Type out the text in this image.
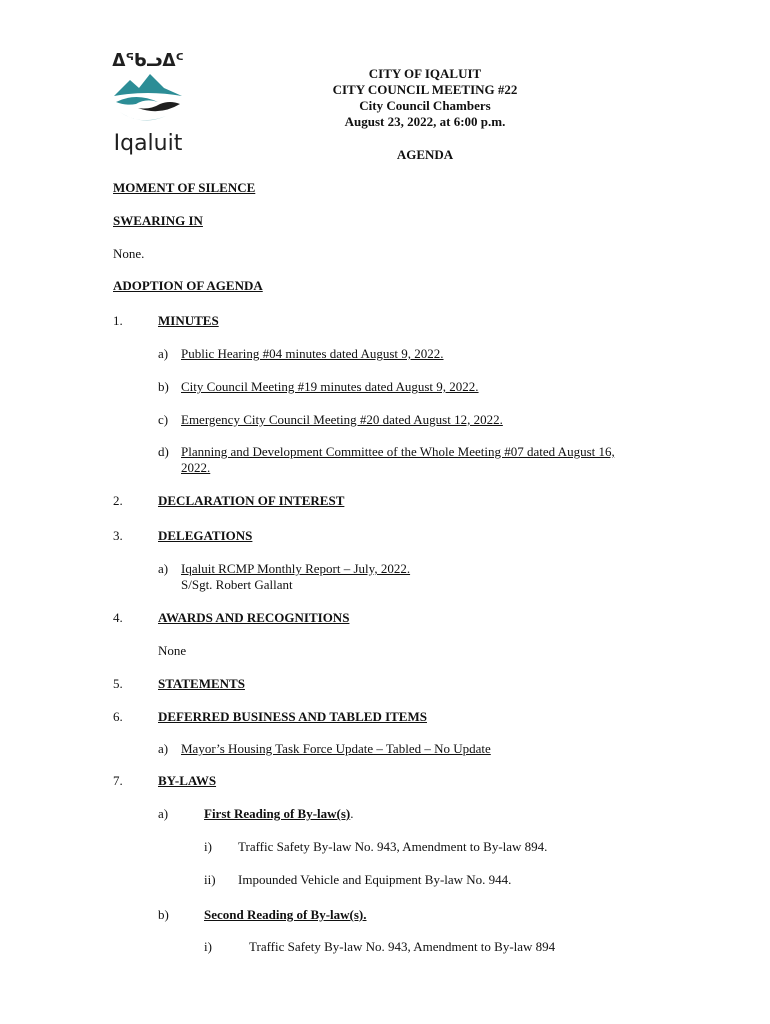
ᐃᖃᓗᐃᑦ
Iqaluit
CITY OF IQALUIT
CITY COUNCIL MEETING #22
City Council Chambers
August 23, 2022, at 6:00 p.m.
AGENDA
MOMENT OF SILENCE
SWEARING IN
None.
ADOPTION OF AGENDA
1.	MINUTES
a) Public Hearing #04 minutes dated August 9, 2022.
b) City Council Meeting #19 minutes dated August 9, 2022.
c) Emergency City Council Meeting #20 dated August 12, 2022.
d) Planning and Development Committee of the Whole Meeting #07 dated August 16,
2022.
2.	DECLARATION OF INTEREST
3.	DELEGATIONS
a) Iqaluit RCMP Monthly Report – July, 2022.
S/Sgt. Robert Gallant
4.	AWARDS AND RECOGNITIONS
None
5.	STATEMENTS
6.	DEFERRED BUSINESS AND TABLED ITEMS
a) Mayor’s Housing Task Force Update – Tabled – No Update
7.	BY-LAWS
a)	First Reading of By-law(s).
i) Traffic Safety By-law No. 943, Amendment to By-law 894.
ii) Impounded Vehicle and Equipment By-law No. 944.
b)	Second Reading of By-law(s).
i)	Traffic Safety By-law No. 943, Amendment to By-law 894
